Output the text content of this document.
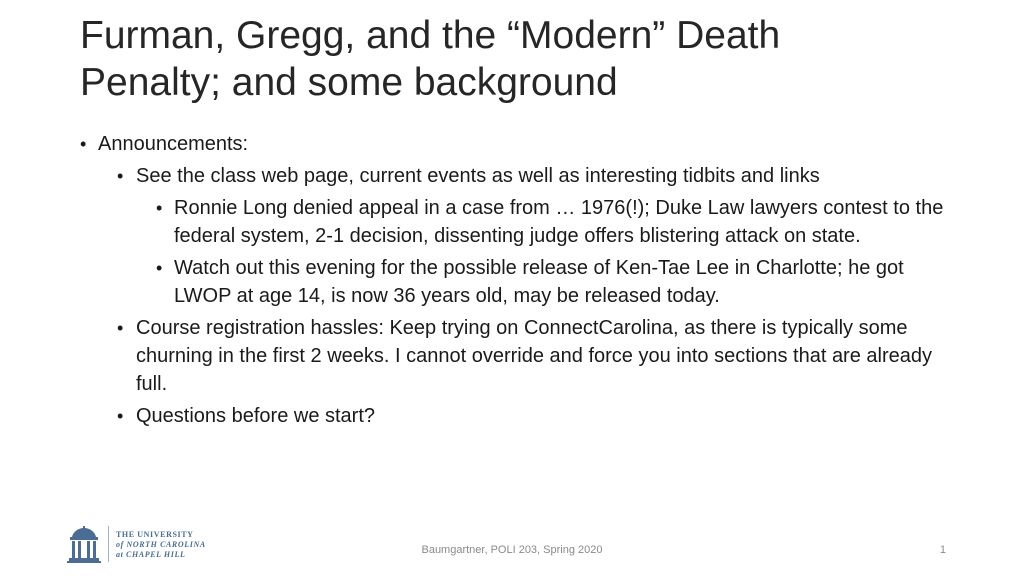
Furman, Gregg, and the “Modern” Death
Penalty; and some background
• Announcements:
• See the class web page, current events as well as interesting tidbits and links
• Ronnie Long denied appeal in a case from … 1976(!); Duke Law lawyers contest to the federal system, 2-1 decision, dissenting judge offers blistering attack on state.
• Watch out this evening for the possible release of Ken-Tae Lee in Charlotte; he got LWOP at age 14, is now 36 years old, may be released today.
• Course registration hassles: Keep trying on ConnectCarolina, as there is typically some churning in the first 2 weeks. I cannot override and force you into sections that are already full.
• Questions before we start?
THE UNIVERSITY
of NORTH CAROLINA
at CHAPEL HILL	Baumgartner, POLI 203, Spring 2020	1
